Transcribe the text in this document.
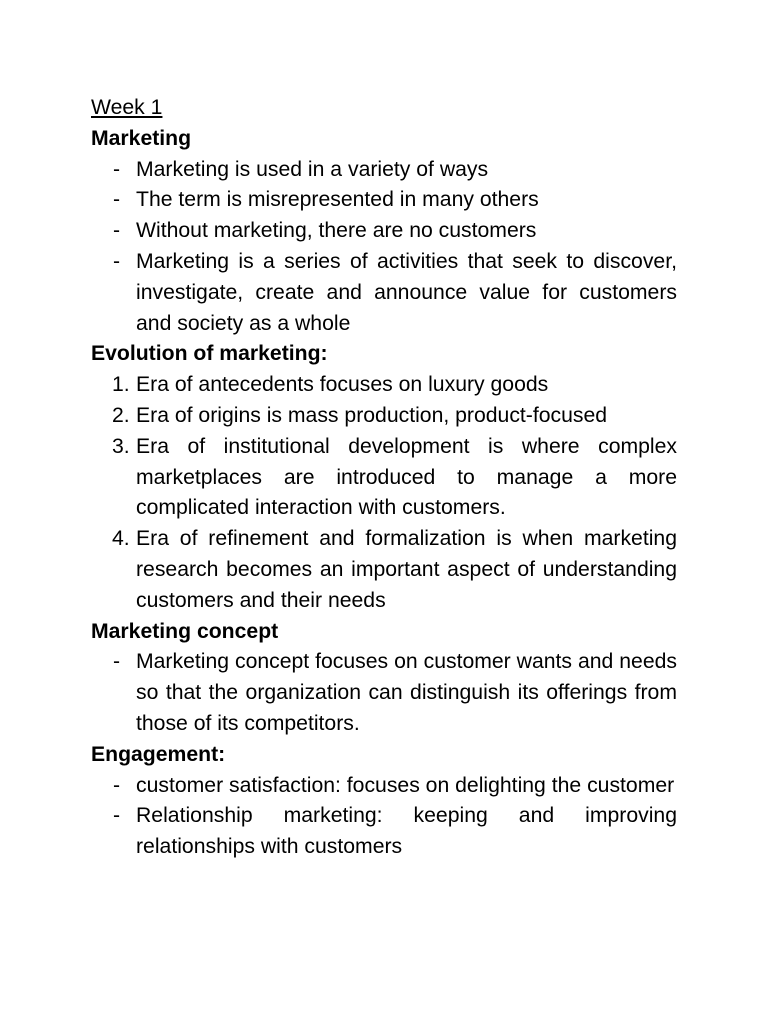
Week 1
Marketing
- Marketing is used in a variety of ways
- The term is misrepresented in many others
- Without marketing, there are no customers
- Marketing is a series of activities that seek to discover, investigate, create and announce value for customers and society as a whole
Evolution of marketing:
1. Era of antecedents focuses on luxury goods
2. Era of origins is mass production, product-focused
3. Era of institutional development is where complex marketplaces are introduced to manage a more complicated interaction with customers.
4. Era of refinement and formalization is when marketing research becomes an important aspect of understanding customers and their needs
Marketing concept
- Marketing concept focuses on customer wants and needs so that the organization can distinguish its offerings from those of its competitors.
Engagement:
- customer satisfaction: focuses on delighting the customer
- Relationship marketing: keeping and improving relationships with customers
